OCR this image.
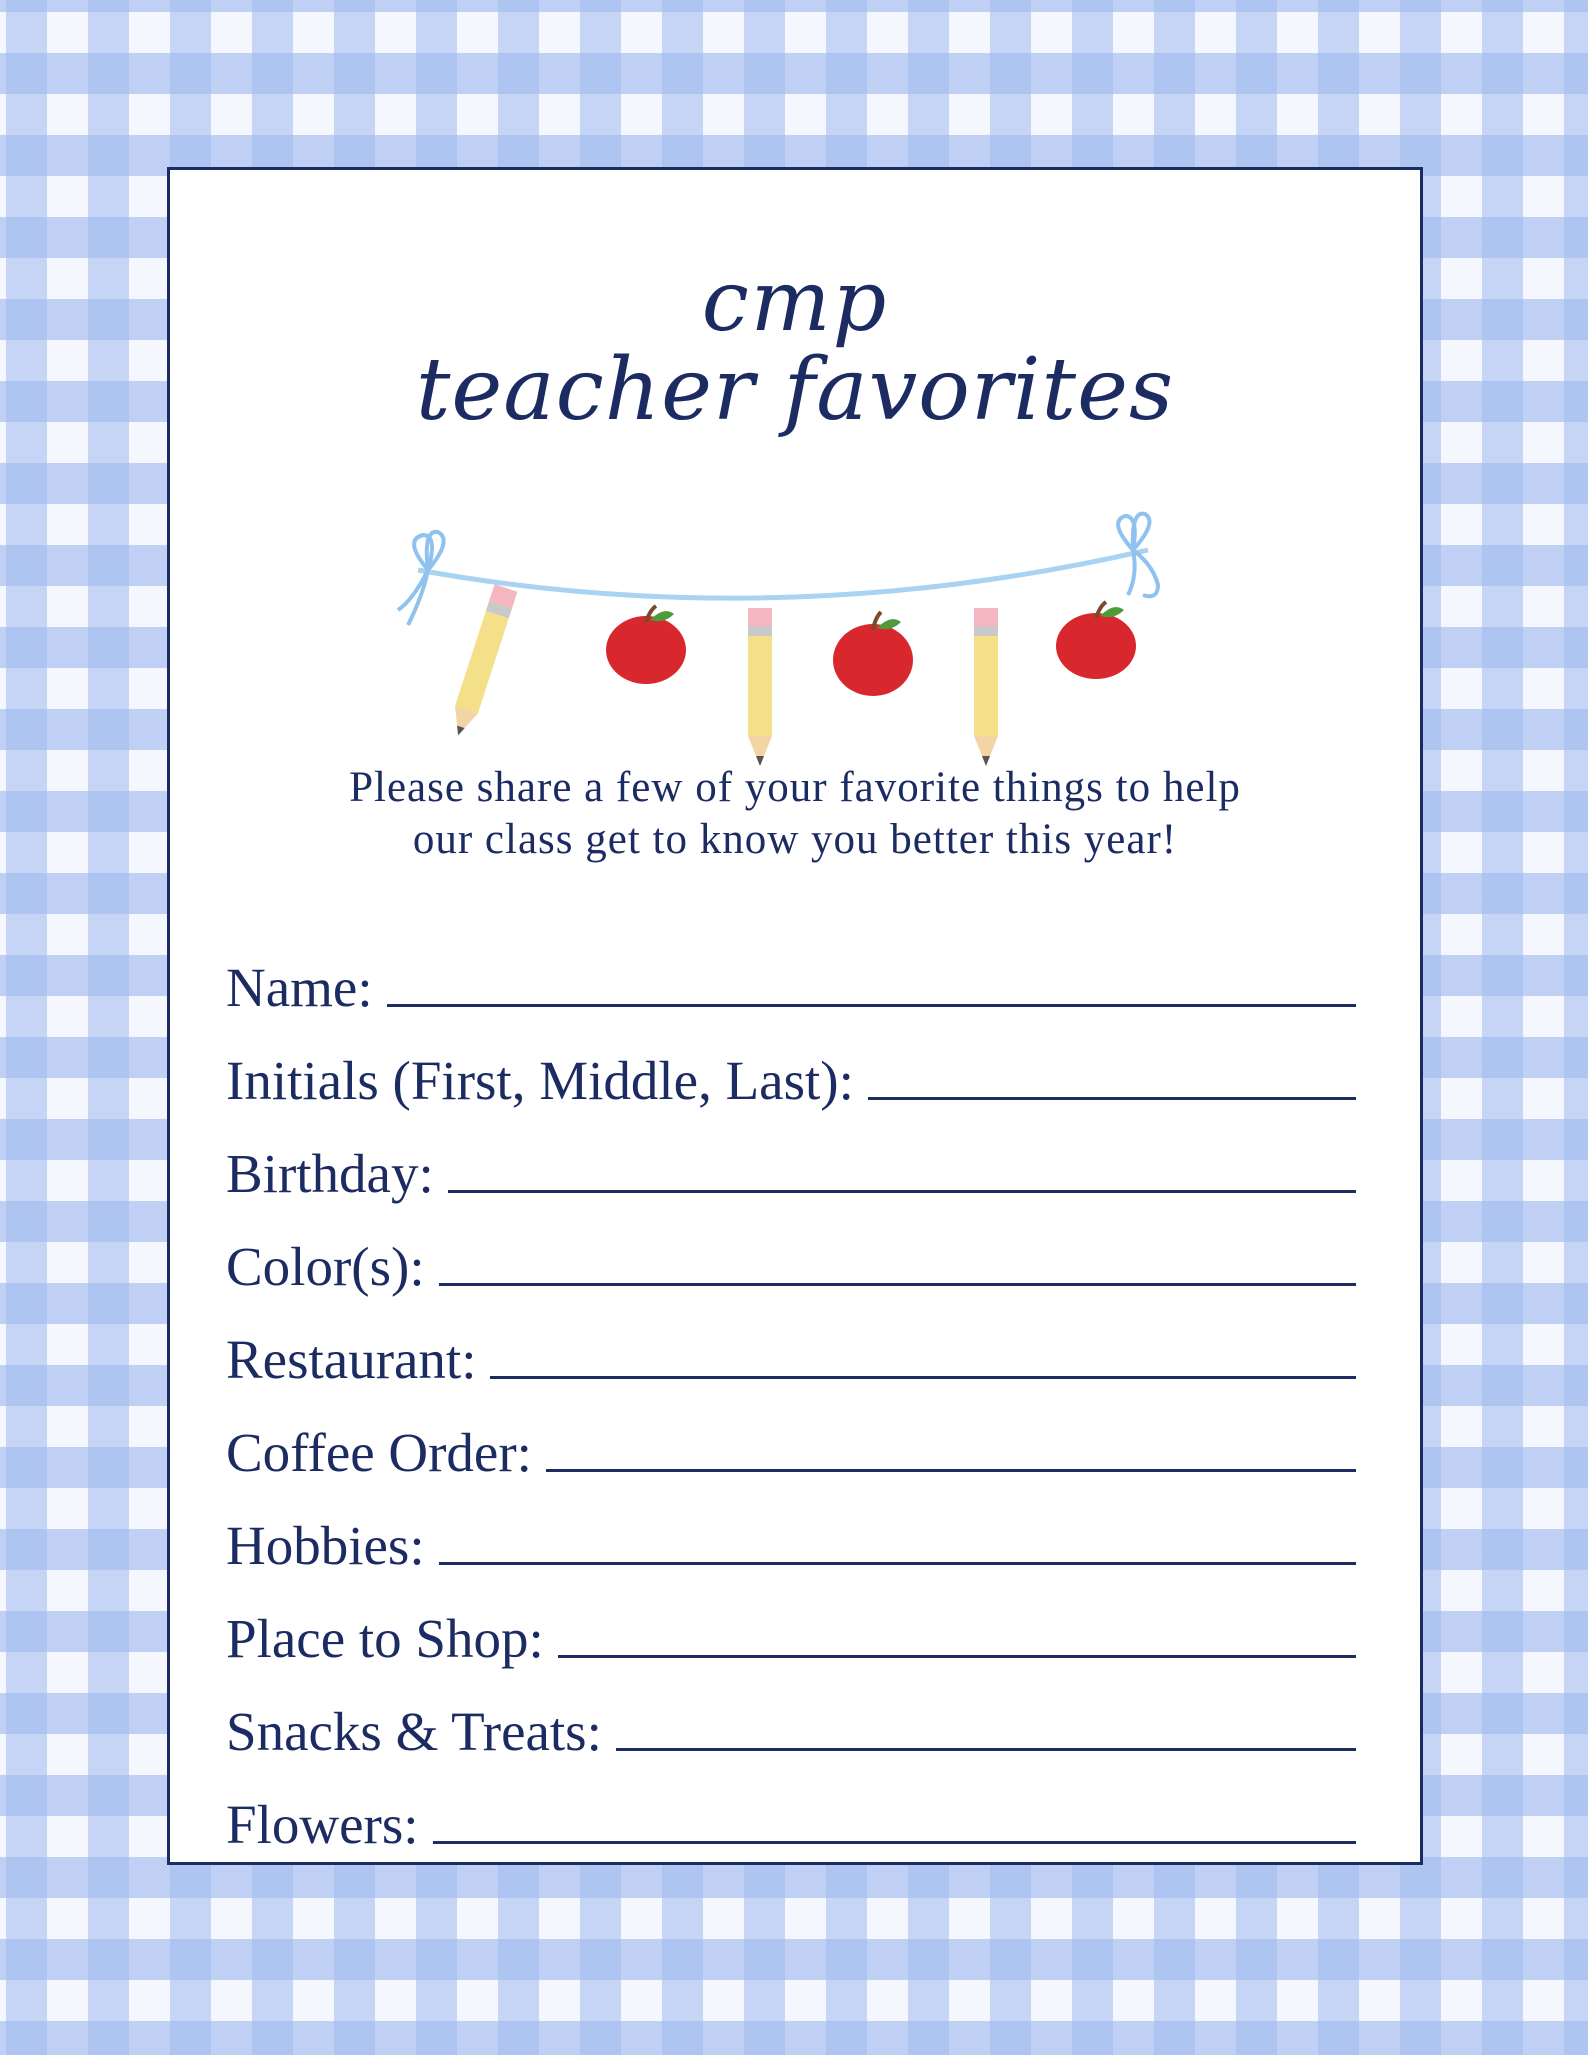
cmp
teacher favorites
Please share a few of your favorite things to help
our class get to know you better this year!
Name:
Initials (First, Middle, Last):
Birthday:
Color(s):
Restaurant:
Coffee Order:
Hobbies:
Place to Shop:
Snacks & Treats:
Flowers:
